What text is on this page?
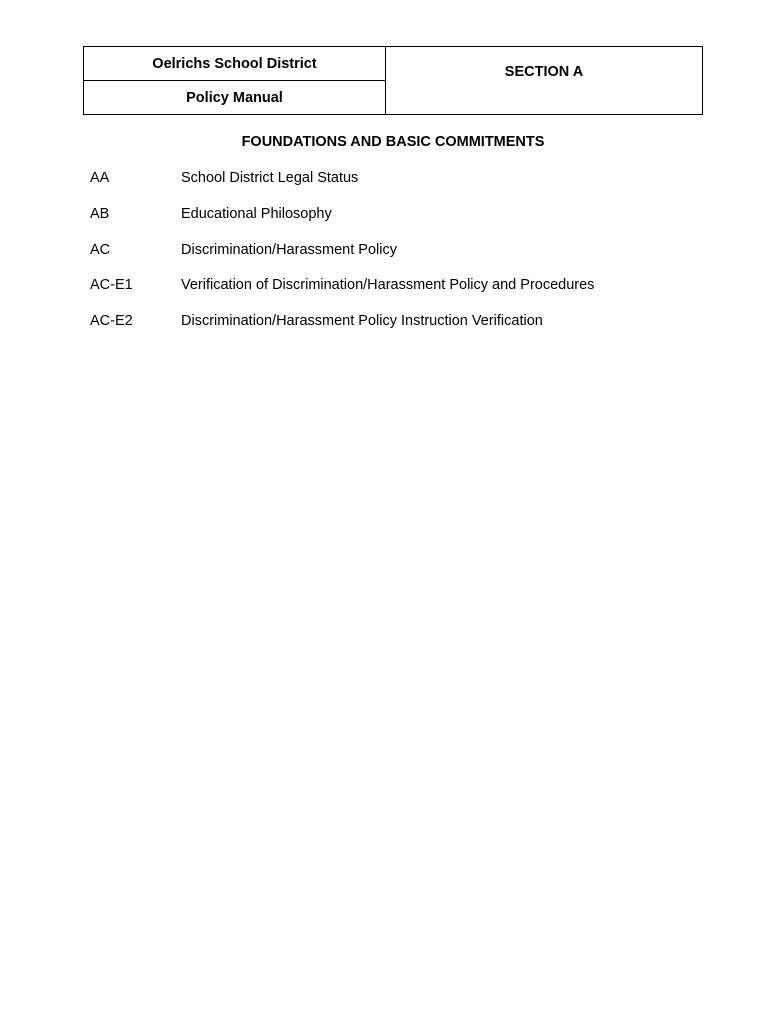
Oelrichs School District
Policy Manual
SECTION A
FOUNDATIONS AND BASIC COMMITMENTS
AA	School District Legal Status
AB	Educational Philosophy
AC	Discrimination/Harassment Policy
AC-E1	Verification of Discrimination/Harassment Policy and Procedures
AC-E2	Discrimination/Harassment Policy Instruction Verification
